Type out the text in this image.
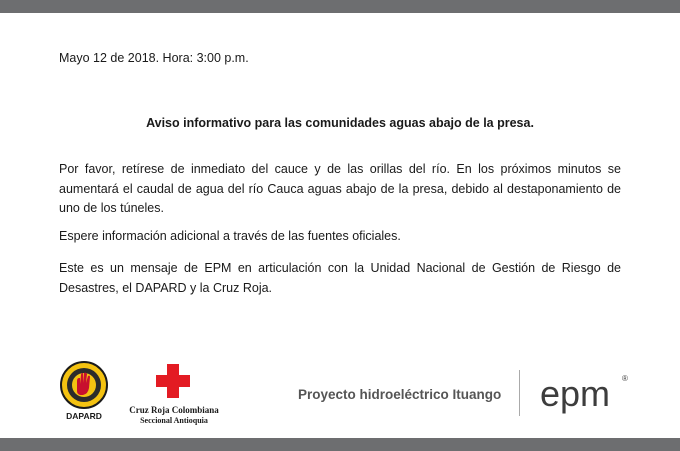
Mayo 12 de 2018. Hora: 3:00 p.m.
Aviso informativo para las comunidades aguas abajo de la presa.

Por favor, retírese de inmediato del cauce y de las orillas del río. En los próximos minutos se aumentará el caudal de agua del río Cauca aguas abajo de la presa, debido al destaponamiento de uno de los túneles.

Espere información adicional a través de las fuentes oficiales.

Este es un mensaje de EPM en articulación con la Unidad Nacional de Gestión de Riesgo de Desastres, el DAPARD y la Cruz Roja.

DAPARD
Cruz Roja Colombiana
Seccional Antioquia
Proyecto hidroeléctrico Ituango epm ®
